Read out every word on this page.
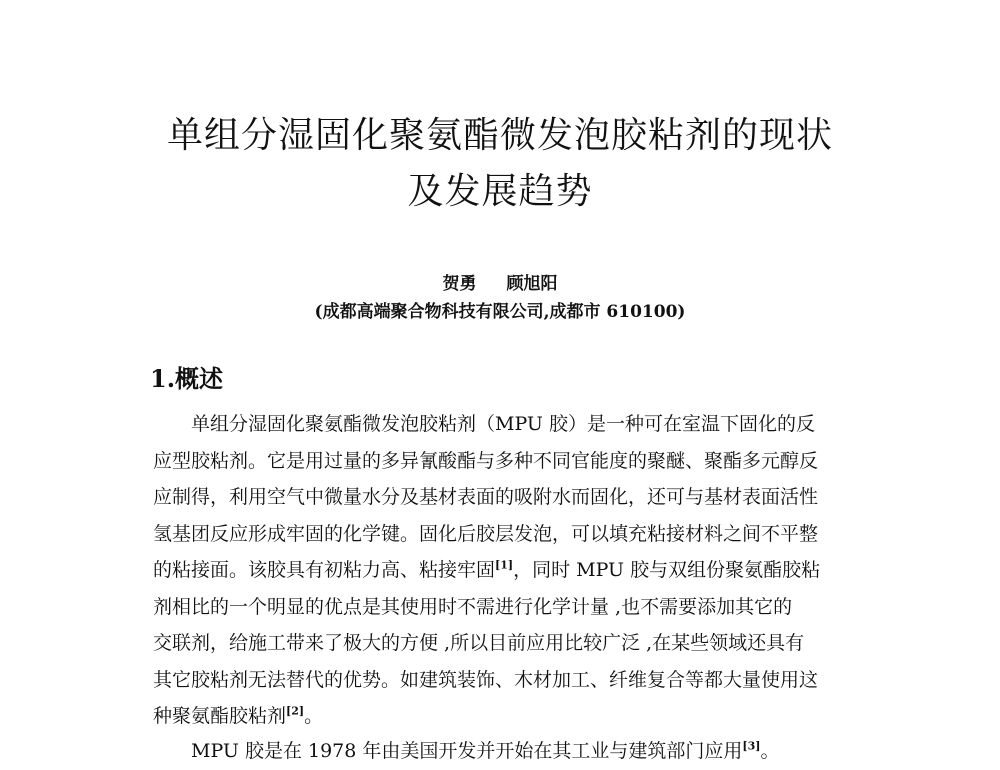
单组分湿固化聚氨酯微发泡胶粘剂的现状
及发展趋势
贺勇 顾旭阳
(成都高端聚合物科技有限公司,成都市 610100)
1.概述
单组分湿固化聚氨酯微发泡胶粘剂（MPU 胶）是一种可在室温下固化的反
应型胶粘剂。它是用过量的多异氰酸酯与多种不同官能度的聚醚、聚酯多元醇反
应制得，利用空气中微量水分及基材表面的吸附水而固化，还可与基材表面活性
氢基团反应形成牢固的化学键。固化后胶层发泡，可以填充粘接材料之间不平整
的粘接面。该胶具有初粘力高、粘接牢固[1]，同时 MPU 胶与双组份聚氨酯胶粘
剂相比的一个明显的优点是其使用时不需进行化学计量 ,也不需要添加其它的
交联剂，给施工带来了极大的方便 ,所以目前应用比较广泛 ,在某些领域还具有
其它胶粘剂无法替代的优势。如建筑装饰、木材加工、纤维复合等都大量使用这
种聚氨酯胶粘剂[2]。
MPU 胶是在 1978 年由美国开发并开始在其工业与建筑部门应用[3]。
